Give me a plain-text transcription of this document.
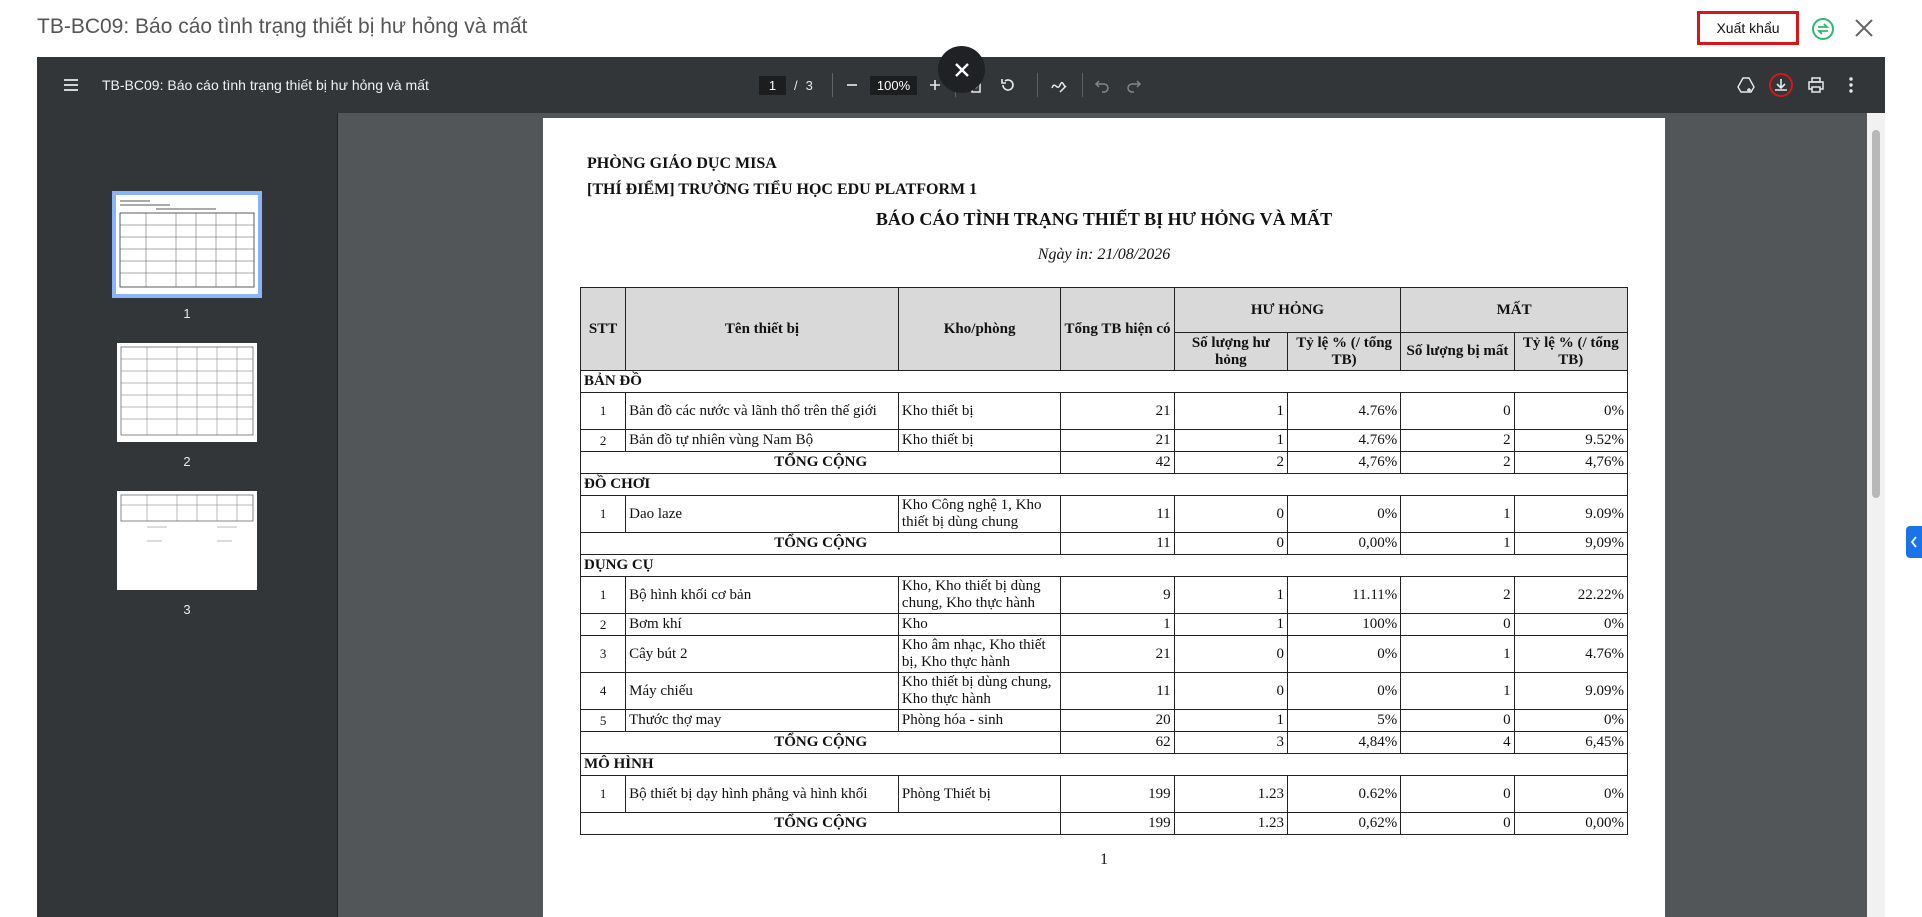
TB-BC09: Báo cáo tình trạng thiết bị hư hỏng và mất	Xuất khẩu
TB-BC09: Báo cáo tình trạng thiết bị hư hỏng và mất	1	/ 3	100%
1
2
3
PHÒNG GIÁO DỤC MISA
[THÍ ĐIỂM] TRƯỜNG TIỂU HỌC EDU PLATFORM 1
BÁO CÁO TÌNH TRẠNG THIẾT BỊ HƯ HỎNG VÀ MẤT
Ngày in: 21/08/2026
STT	Tên thiết bị	Kho/phòng	Tổng TB hiện có	HƯ HỎNG		MẤT	
				Số lượng hư hỏng	Tỷ lệ % (/ tổng TB)	Số lượng bị mất	Tỷ lệ % (/ tổng TB)
BẢN ĐỒ							
1	Bản đồ các nước và lãnh thổ trên thế giới	Kho thiết bị	21	1	4.76%	0	0%
2	Bản đồ tự nhiên vùng Nam Bộ	Kho thiết bị	21	1	4.76%	2	9.52%
TỔNG CỘNG			42	2	4,76%	2	4,76%
ĐỒ CHƠI							
1	Dao laze	Kho Công nghệ 1, Kho thiết bị dùng chung	11	0	0%	1	9.09%
TỔNG CỘNG			11	0	0,00%	1	9,09%
DỤNG CỤ							
1	Bộ hình khối cơ bản	Kho, Kho thiết bị dùng chung, Kho thực hành	9	1	11.11%	2	22.22%
2	Bơm khí	Kho	1	1	100%	0	0%
3	Cây bút 2	Kho âm nhạc, Kho thiết bị, Kho thực hành	21	0	0%	1	4.76%
4	Máy chiếu	Kho thiết bị dùng chung, Kho thực hành	11	0	0%	1	9.09%
5	Thước thợ may	Phòng hóa - sinh	20	1	5%	0	0%
TỔNG CỘNG			62	3	4,84%	4	6,45%
MÔ HÌNH							
1	Bộ thiết bị dạy hình phẳng và hình khối	Phòng Thiết bị	199	1.23	0.62%	0	0%
TỔNG CỘNG			199	1.23	0,62%	0	0,00%
1
